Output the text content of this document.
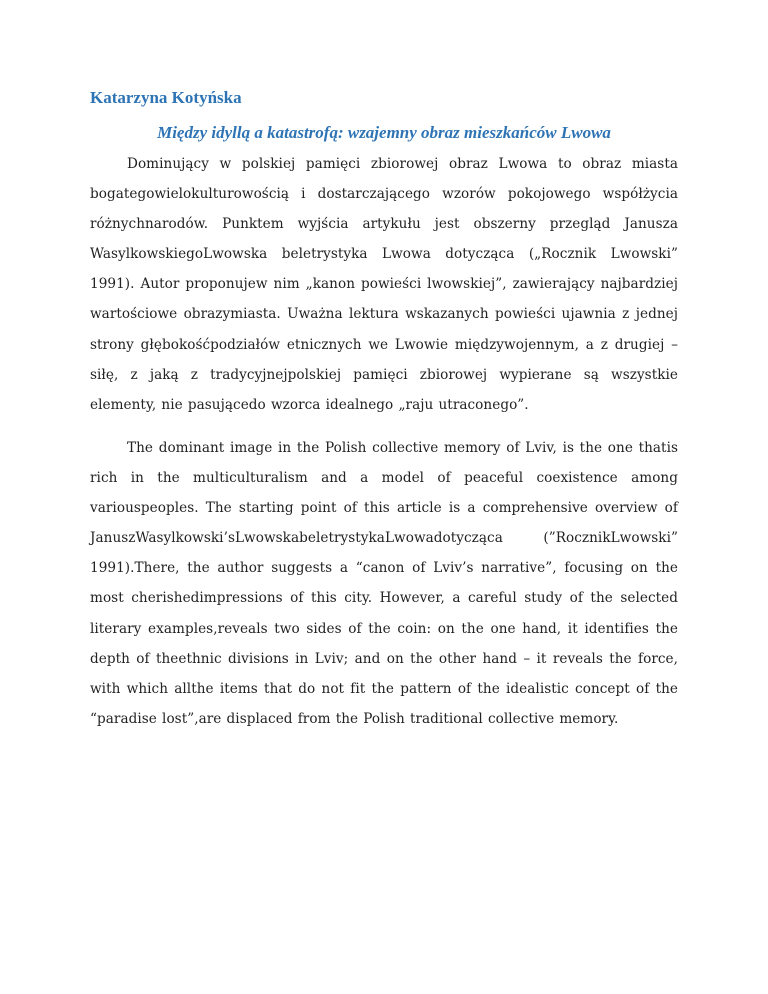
Katarzyna Kotyńska
Między idyllą a katastrofą: wzajemny obraz mieszkańców Lwowa

Dominujący w polskiej pamięci zbiorowej obraz Lwowa to obraz miasta bogategowielokulturowością i dostarczającego wzorów pokojowego współżycia różnychnarodów. Punktem wyjścia artykułu jest obszerny przegląd Janusza WasylkowskiegoLwowska beletrystyka Lwowa dotycząca („Rocznik Lwowski” 1991). Autor proponujew nim „kanon powieści lwowskiej”, zawierający najbardziej wartościowe obrazymiasta. Uważna lektura wskazanych powieści ujawnia z jednej strony głębokośćpodziałów etnicznych we Lwowie międzywojennym, a z drugiej – siłę, z jaką z tradycyjnejpolskiej pamięci zbiorowej wypierane są wszystkie elementy, nie pasującedo wzorca idealnego „raju utraconego”.

The dominant image in the Polish collective memory of Lviv, is the one thatis rich in the multiculturalism and a model of peaceful coexistence among variouspeoples. The starting point of this article is a comprehensive overview of JanuszWasylkowski’sLwowskabeletrystykaLwowadotycząca (”RocznikLwowski” 1991).There, the author suggests a “canon of Lviv’s narrative”, focusing on the most cherishedimpressions of this city. However, a careful study of the selected literary examples,reveals two sides of the coin: on the one hand, it identifies the depth of theethnic divisions in Lviv; and on the other hand – it reveals the force, with which allthe items that do not fit the pattern of the idealistic concept of the “paradise lost”,are displaced from the Polish traditional collective memory.
